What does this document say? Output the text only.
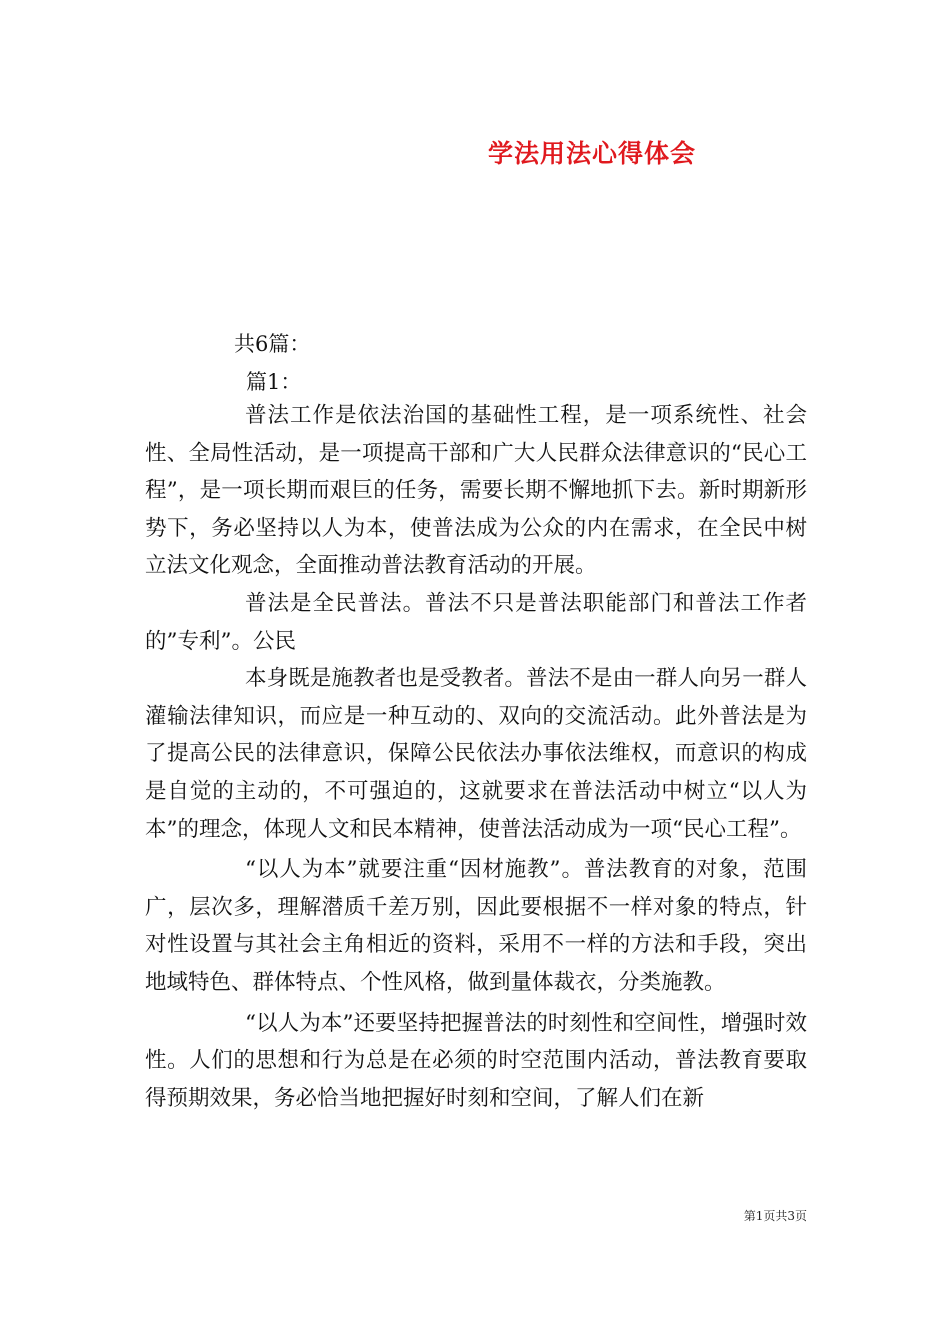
学法用法心得体会
共6篇：
篇1：

普法工作是依法治国的基础性工程，是一项系统性、社会性、全局性活动，是一项提高干部和广大人民群众法律意识的“民心工程”，是一项长期而艰巨的任务，需要长期不懈地抓下去。新时期新形势下，务必坚持以人为本，使普法成为公众的内在需求，在全民中树立法文化观念，全面推动普法教育活动的开展。

普法是全民普法。普法不只是普法职能部门和普法工作者的”专利”。公民

本身既是施教者也是受教者。普法不是由一群人向另一群人灌输法律知识，而应是一种互动的、双向的交流活动。此外普法是为了提高公民的法律意识，保障公民依法办事依法维权，而意识的构成是自觉的主动的，不可强迫的，这就要求在普法活动中树立“以人为本”的理念，体现人文和民本精神，使普法活动成为一项“民心工程”。

“以人为本”就要注重“因材施教”。普法教育的对象，范围广，层次多，理解潜质千差万别，因此要根据不一样对象的特点，针对性设置与其社会主角相近的资料，采用不一样的方法和手段，突出地域特色、群体特点、个性风格，做到量体裁衣，分类施教。

“以人为本”还要坚持把握普法的时刻性和空间性，增强时效性。人们的思想和行为总是在必须的时空范围内活动，普法教育要取得预期效果，务必恰当地把握好时刻和空间，了解人们在新

第1页共3页
